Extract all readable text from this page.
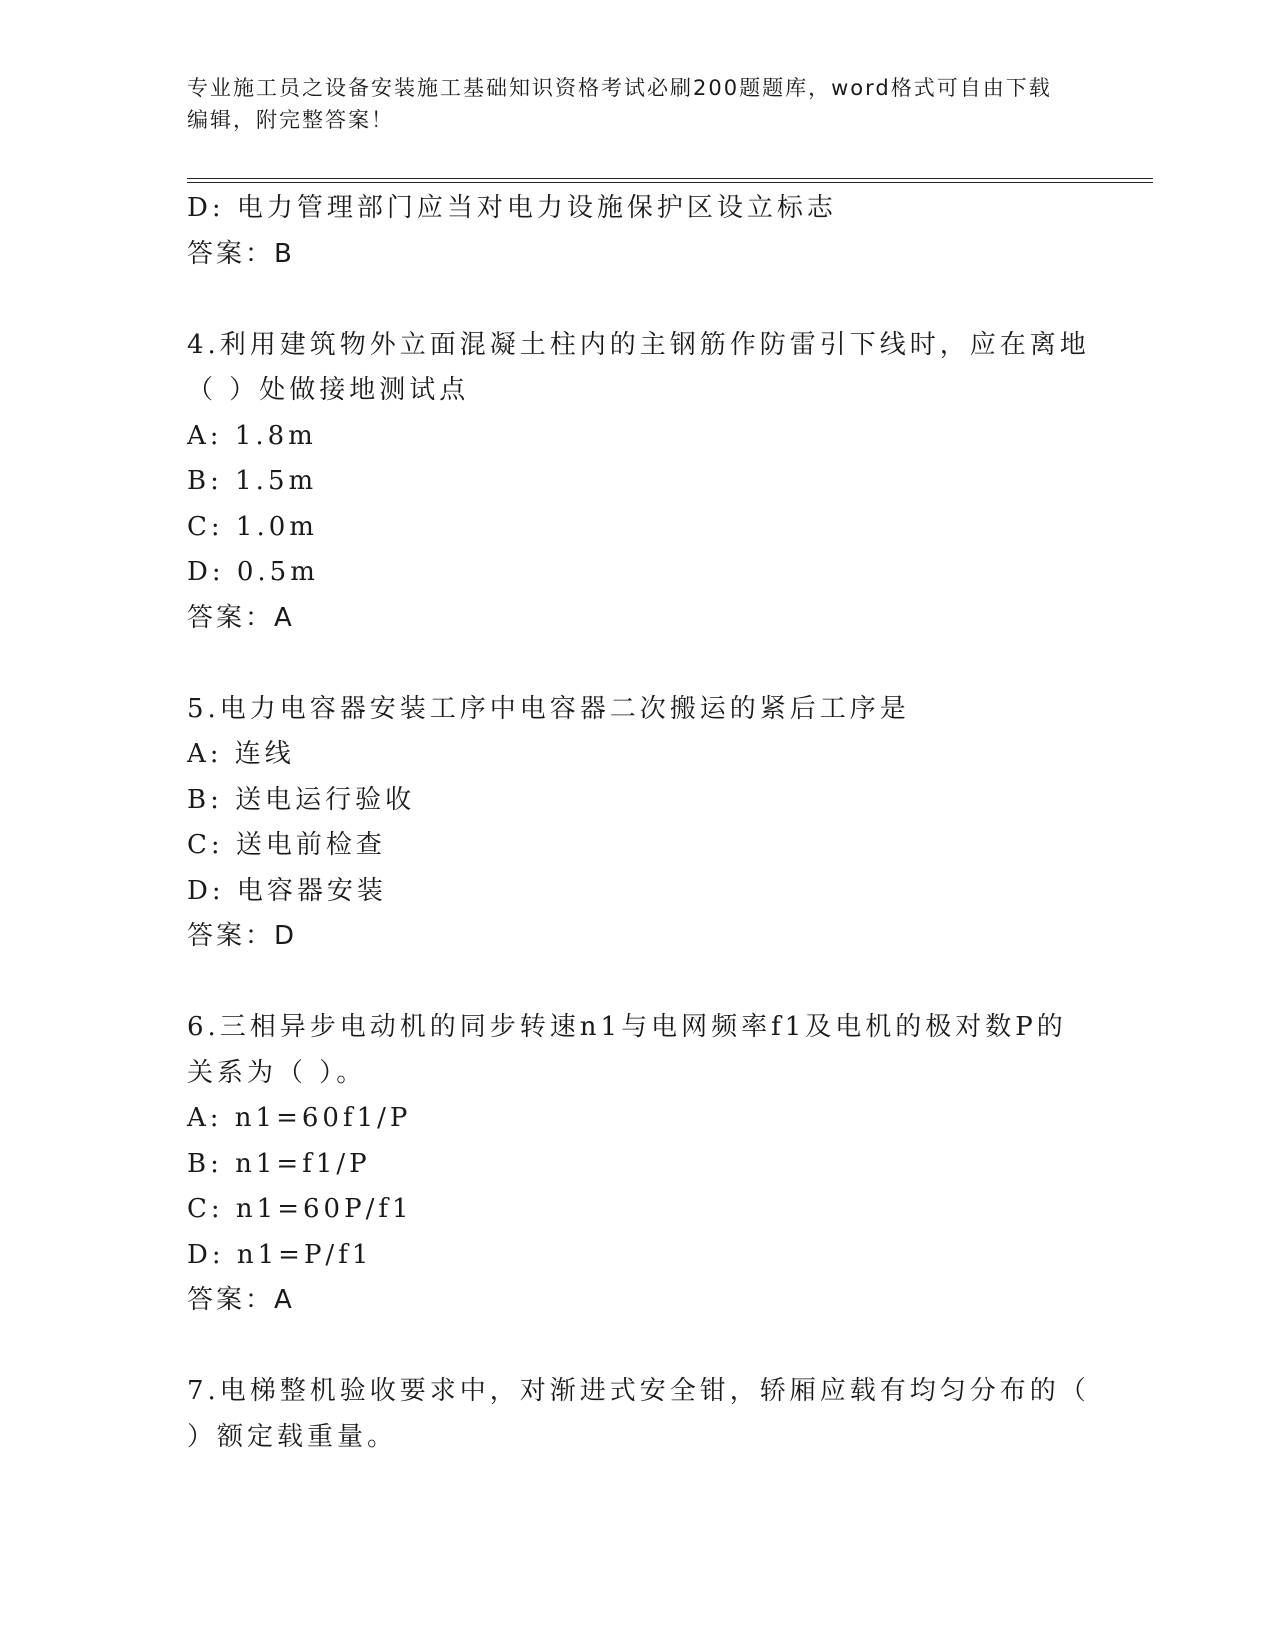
专业施工员之设备安装施工基础知识资格考试必刷200题题库，word格式可自由下载编辑，附完整答案！
D: 电力管理部门应当对电力设施保护区设立标志
答案：B
4.利用建筑物外立面混凝土柱内的主钢筋作防雷引下线时，应在离地
（ ）处做接地测试点
A: 1.8m
B: 1.5m
C: 1.0m
D: 0.5m
答案：A
5.电力电容器安装工序中电容器二次搬运的紧后工序是
A: 连线
B: 送电运行验收
C: 送电前检查
D: 电容器安装
答案：D
6.三相异步电动机的同步转速n1与电网频率f1及电机的极对数P的
关系为（ ）。
A: n1=60f1/P
B: n1=f1/P
C: n1=60P/f1
D: n1=P/f1
答案：A
7.电梯整机验收要求中，对渐进式安全钳，轿厢应载有均匀分布的（
）额定载重量。
